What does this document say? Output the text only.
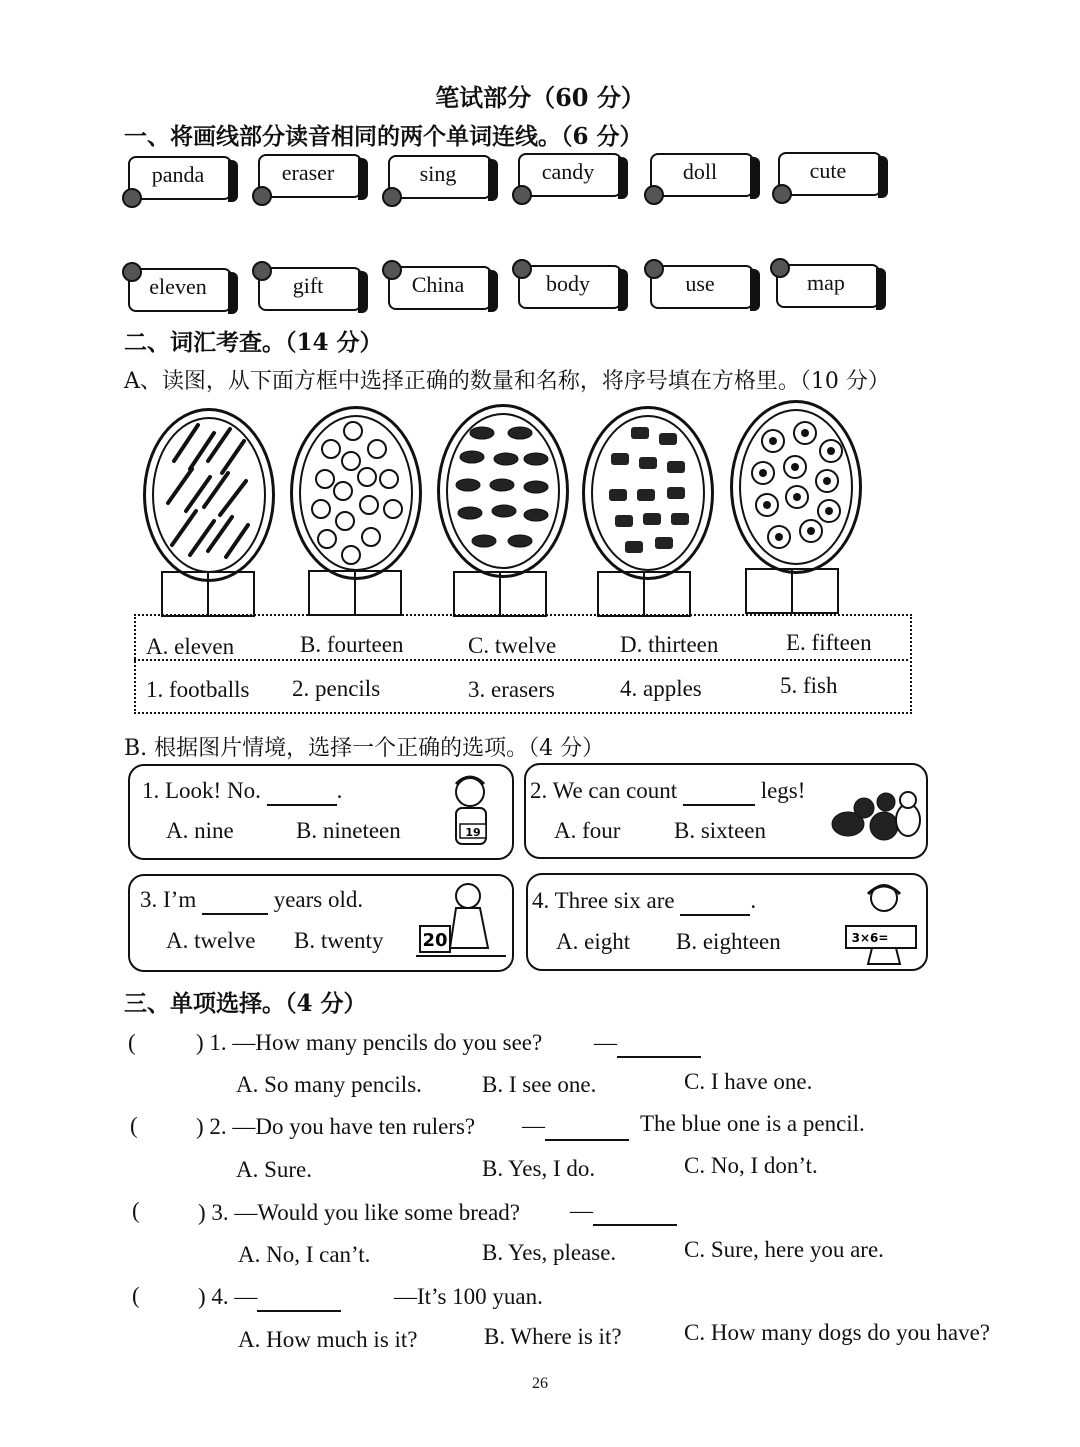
笔试部分（60 分）
一、将画线部分读音相同的两个单词连线。（6 分）
panda	eraser	sing	candy	doll	cute
eleven	gift	China	body	use	map
二、词汇考查。（14 分）
A、读图，从下面方框中选择正确的数量和名称，将序号填在方格里。（10 分）
A. eleven	B. fourteen	C. twelve	D. thirteen	E. fifteen
1. footballs 2. pencils	3. erasers	4. apples	5. fish
B. 根据图片情境，选择一个正确的选项。（4 分）
1. Look! No.	.
A. nine	B. nineteen	19
2. We can count	legs!
A. four B. sixteen
3. I’m	years old.
A. twelve B. twenty 20
4. Three six are	.
A. eight B. eighteen	3×6=
三、单项选择。（4 分）
(	) 1. —How many pencils do you see? —
A. So many pencils.	B. I see one.	C. I have one.
(	) 2. —Do you have ten rulers? —	The blue one is a pencil.
A. Sure.	B. Yes, I do.	C. No, I don’t.
(	) 3. —Would you like some bread? —
A. No, I can’t.	B. Yes, please.	C. Sure, here you are.
(	) 4. —	—It’s 100 yuan.
A. How much is it?	B. Where is it?	C. How many dogs do you have?
26
